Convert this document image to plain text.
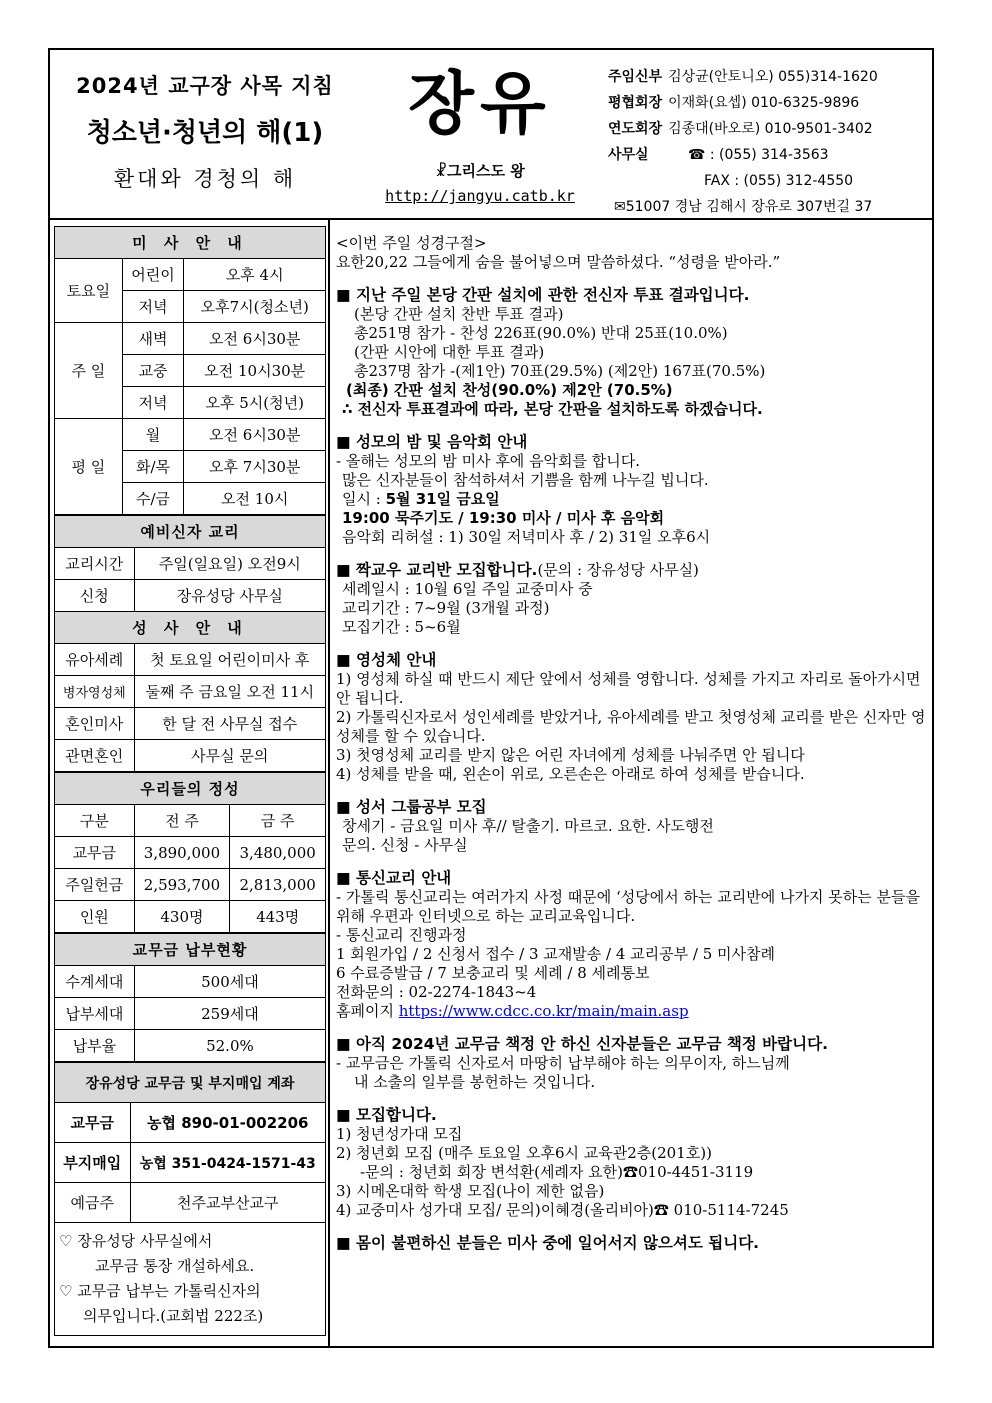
2024년 교구장 사목 지침
청소년·청년의 해(1)
환대와 경청의 해
장유
☧그리스도 왕
http://jangyu.catb.kr
주임신부 김상균(안토니오) 055)314-1620
평협회장 이재화(요셉) 010-6325-9896
연도회장 김종대(바오로) 010-9501-3402
사무실	☎ : (055) 314-3563
FAX : (055) 312-4550
✉51007 경남 김해시 장유로 307번길 37
미 사 안 내		
토요일	어린이	오후 4시
	저녁	오후7시(청소년)
주 일	새벽	오전 6시30분
	교중	오전 10시30분
	저녁	오후 5시(청년)
평 일	월	오전 6시30분
	화/목	오후 7시30분
	수/금	오전 10시
예비신자 교리	
교리시간	주일(일요일) 오전9시
신청	장유성당 사무실
성 사 안 내	
유아세례	첫 토요일 어린이미사 후
병자영성체	둘째 주 금요일 오전 11시
혼인미사	한 달 전 사무실 접수
관면혼인	사무실 문의
우리들의 정성		
구분	전 주	금 주
교무금	3,890,000	3,480,000
주일헌금	2,593,700	2,813,000
인원	430명	443명
교무금 납부현황	
수계세대	500세대
납부세대	259세대
납부율	52.0%
장유성당 교무금 및 부지매입 계좌	
교무금	농협 890-01-002206
부지매입	농협 351-0424-1571-43
예금주	천주교부산교구
♡ 장유성당 사무실에서
교무금 통장 개설하세요.
♡ 교무금 납부는 가톨릭신자의
의무입니다.(교회법 222조)
<이번 주일 성경구절>
요한20,22 그들에게 숨을 불어넣으며 말씀하셨다. “성령을 받아라.”
■ 지난 주일 본당 간판 설치에 관한 전신자 투표 결과입니다.
(본당 간판 설치 찬반 투표 결과)
총251명 참가 - 찬성 226표(90.0%) 반대 25표(10.0%)
(간판 시안에 대한 투표 결과)
총237명 참가 -(제1안) 70표(29.5%) (제2안) 167표(70.5%)
(최종) 간판 설치 찬성(90.0%) 제2안 (70.5%)
∴ 전신자 투표결과에 따라, 본당 간판을 설치하도록 하겠습니다.
■ 성모의 밤 및 음악회 안내
- 올해는 성모의 밤 미사 후에 음악회를 합니다.
많은 신자분들이 참석하셔서 기쁨을 함께 나누길 빕니다.
일시 : 5월 31일 금요일
19:00 묵주기도 / 19:30 미사 / 미사 후 음악회
음악회 리허설 : 1) 30일 저녁미사 후 / 2) 31일 오후6시
■ 짝교우 교리반 모집합니다.(문의 : 장유성당 사무실)
세례일시 : 10월 6일 주일 교중미사 중
교리기간 : 7~9월 (3개월 과정)
모집기간 : 5~6월
■ 영성체 안내
1) 영성체 하실 때 반드시 제단 앞에서 성체를 영합니다. 성체를 가지고 자리로 돌아가시면 안 됩니다.
2) 가톨릭신자로서 성인세례를 받았거나, 유아세례를 받고 첫영성체 교리를 받은 신자만 영성체를 할 수 있습니다.
3) 첫영성체 교리를 받지 않은 어린 자녀에게 성체를 나눠주면 안 됩니다
4) 성체를 받을 때, 왼손이 위로, 오른손은 아래로 하여 성체를 받습니다.
■ 성서 그룹공부 모집
창세기 - 금요일 미사 후// 탈출기. 마르코. 요한. 사도행전
문의. 신청 - 사무실
■ 통신교리 안내
- 가톨릭 통신교리는 여러가지 사정 때문에 ‘성당에서 하는 교리반에 나가지 못하는 분들을 위해 우편과 인터넷으로 하는 교리교육입니다.
- 통신교리 진행과정
1 회원가입 / 2 신청서 접수 / 3 교재발송 / 4 교리공부 / 5 미사참례
6 수료증발급 / 7 보충교리 및 세례 / 8 세례통보
전화문의 : 02-2274-1843~4
홈페이지 https://www.cdcc.co.kr/main/main.asp
■ 아직 2024년 교무금 책정 안 하신 신자분들은 교무금 책정 바랍니다.
- 교무금은 가톨릭 신자로서 마땅히 납부해야 하는 의무이자, 하느님께
내 소출의 일부를 봉헌하는 것입니다.
■ 모집합니다.
1) 청년성가대 모집
2) 청년회 모집 (매주 토요일 오후6시 교육관2층(201호))
-문의 : 청년회 회장 변석환(세례자 요한)☎010-4451-3119
3) 시메온대학 학생 모집(나이 제한 없음)
4) 교중미사 성가대 모집/ 문의)이혜경(올리비아)☎ 010-5114-7245
■ 몸이 불편하신 분들은 미사 중에 일어서지 않으셔도 됩니다.
